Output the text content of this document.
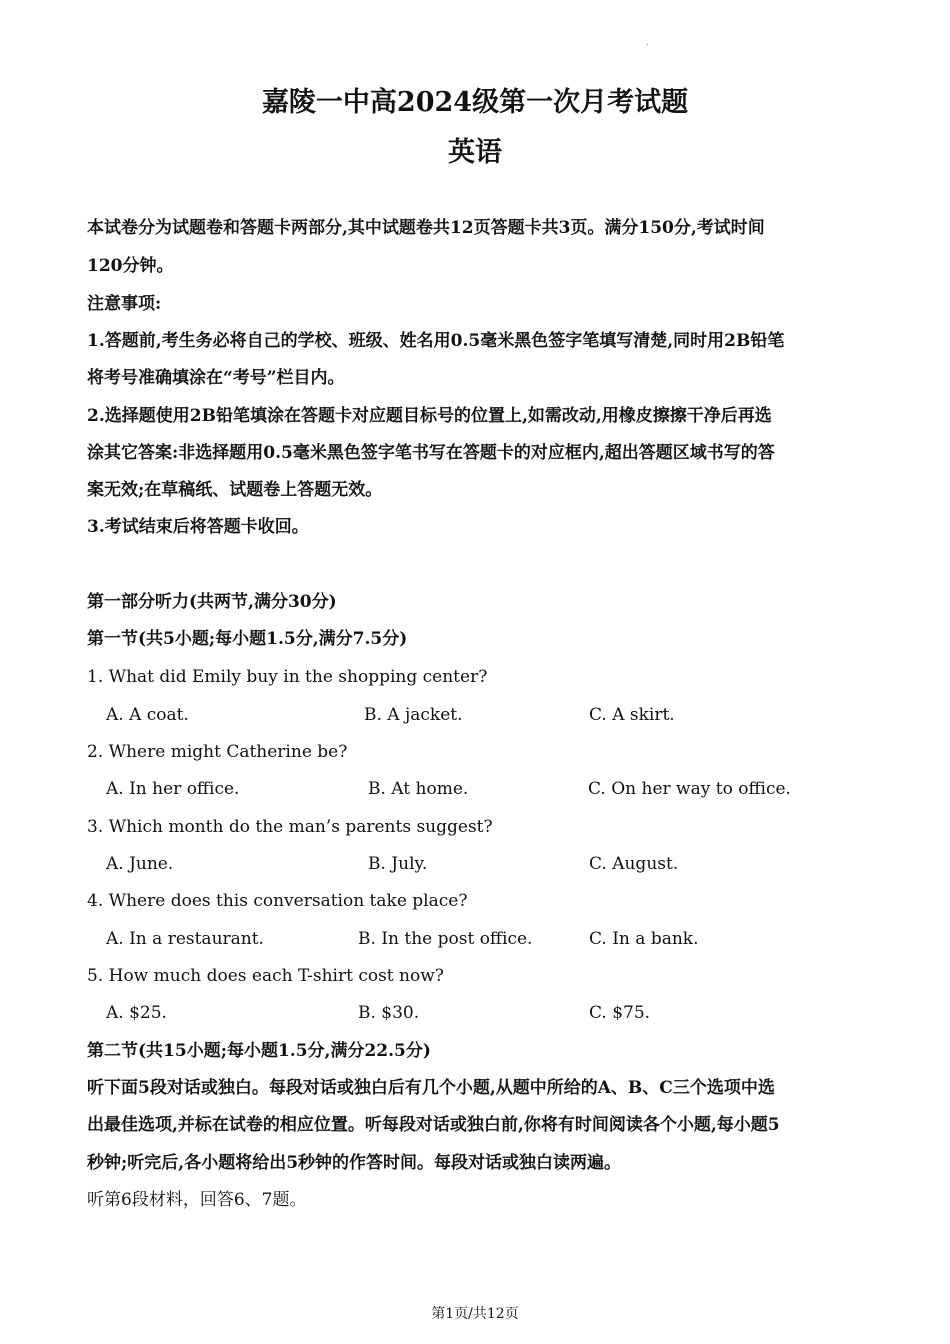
.
嘉陵一中高2024级第一次月考试题
英语
本试卷分为试题卷和答题卡两部分,其中试题卷共12页答题卡共3页。满分150分,考试时间
120分钟。
注意事项:
1.答题前,考生务必将自己的学校、班级、姓名用0.5毫米黑色签字笔填写清楚,同时用2B铅笔
将考号准确填涂在“考号”栏目内。
2.选择题使用2B铅笔填涂在答题卡对应题目标号的位置上,如需改动,用橡皮擦擦干净后再选
涂其它答案:非选择题用0.5毫米黑色签字笔书写在答题卡的对应框内,超出答题区域书写的答
案无效;在草稿纸、试题卷上答题无效。
3.考试结束后将答题卡收回。
第一部分听力(共两节,满分30分)
第一节(共5小题;每小题1.5分,满分7.5分)
1. What did Emily buy in the shopping center?
A. A coat.	B. A jacket.	C. A skirt.
2. Where might Catherine be?
A. In her office.	B. At home.	C. On her way to office.
3. Which month do the man’s parents suggest?
A. June.	B. July.	C. August.
4. Where does this conversation take place?
A. In a restaurant.	B. In the post office.	C. In a bank.
5. How much does each T-shirt cost now?
A. $25.	B. $30.	C. $75.
第二节(共15小题;每小题1.5分,满分22.5分)
听下面5段对话或独白。每段对话或独白后有几个小题,从题中所给的A、B、C三个选项中选
出最佳选项,并标在试卷的相应位置。听每段对话或独白前,你将有时间阅读各个小题,每小题5
秒钟;听完后,各小题将给出5秒钟的作答时间。每段对话或独白读两遍。
听第6段材料，回答6、7题。
第1页/共12页
